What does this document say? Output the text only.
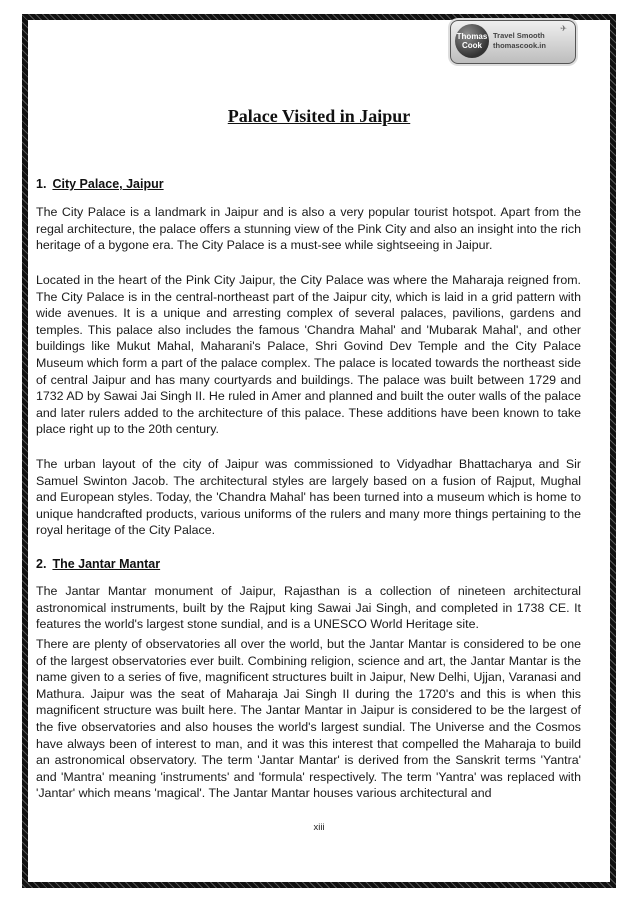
Thomas
Cook
Travel Smooth
thomascook.in
✈
Palace Visited in Jaipur
1. City Palace, Jaipur

The City Palace is a landmark in Jaipur and is also a very popular tourist hotspot. Apart from the regal architecture, the palace offers a stunning view of the Pink City and also an insight into the rich heritage of a bygone era. The City Palace is a must-see while sightseeing in Jaipur.

Located in the heart of the Pink City Jaipur, the City Palace was where the Maharaja reigned from. The City Palace is in the central-northeast part of the Jaipur city, which is laid in a grid pattern with wide avenues. It is a unique and arresting complex of several palaces, pavilions, gardens and temples. This palace also includes the famous 'Chandra Mahal' and 'Mubarak Mahal', and other buildings like Mukut Mahal, Maharani's Palace, Shri Govind Dev Temple and the City Palace Museum which form a part of the palace complex. The palace is located towards the northeast side of central Jaipur and has many courtyards and buildings. The palace was built between 1729 and 1732 AD by Sawai Jai Singh II. He ruled in Amer and planned and built the outer walls of the palace and later rulers added to the architecture of this palace. These additions have been known to take place right up to the 20th century.

The urban layout of the city of Jaipur was commissioned to Vidyadhar Bhattacharya and Sir Samuel Swinton Jacob. The architectural styles are largely based on a fusion of Rajput, Mughal and European styles. Today, the 'Chandra Mahal' has been turned into a museum which is home to unique handcrafted products, various uniforms of the rulers and many more things pertaining to the royal heritage of the City Palace.

2. The Jantar Mantar

The Jantar Mantar monument of Jaipur, Rajasthan is a collection of nineteen architectural astronomical instruments, built by the Rajput king Sawai Jai Singh, and completed in 1738 CE. It features the world's largest stone sundial, and is a UNESCO World Heritage site.

There are plenty of observatories all over the world, but the Jantar Mantar is considered to be one of the largest observatories ever built. Combining religion, science and art, the Jantar Mantar is the name given to a series of five, magnificent structures built in Jaipur, New Delhi, Ujjan, Varanasi and Mathura. Jaipur was the seat of Maharaja Jai Singh II during the 1720's and this is when this magnificent structure was built here. The Jantar Mantar in Jaipur is considered to be the largest of the five observatories and also houses the world's largest sundial. The Universe and the Cosmos have always been of interest to man, and it was this interest that compelled the Maharaja to build an astronomical observatory. The term 'Jantar Mantar' is derived from the Sanskrit terms 'Yantra' and 'Mantra' meaning 'instruments' and 'formula' respectively. The term 'Yantra' was replaced with 'Jantar' which means 'magical'. The Jantar Mantar houses various architectural and

xiii
